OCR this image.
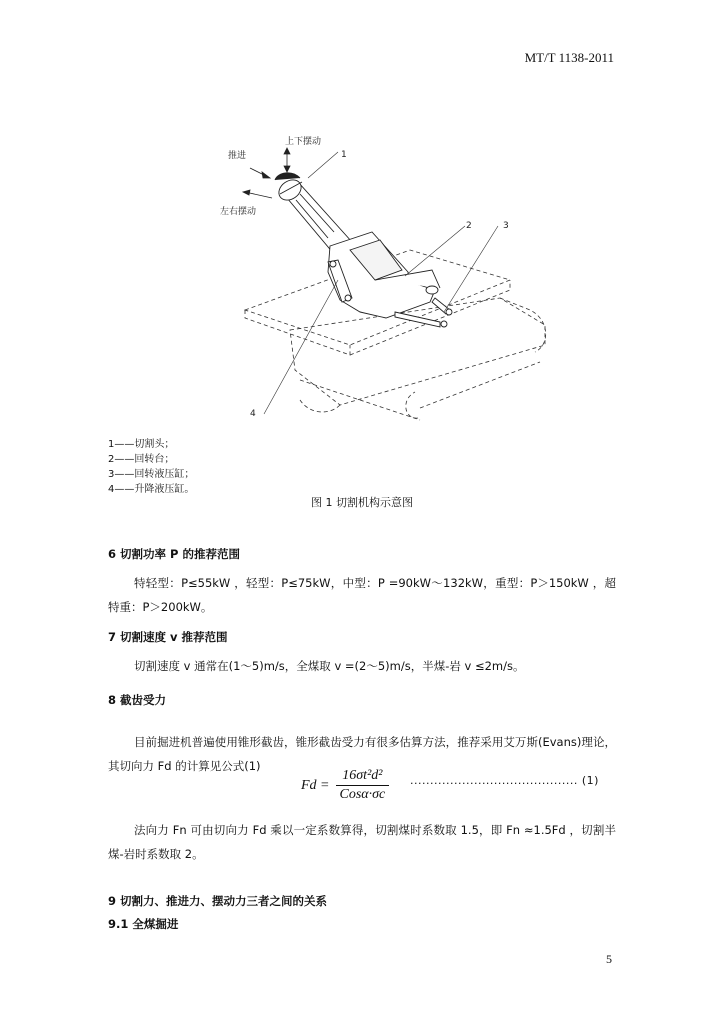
MT/T 1138-2011
上下摆动
推进
左右摆动
1
2	3
4
1——切割头；
2——回转台；
3——回转液压缸；
4——升降液压缸。
图 1 切割机构示意图
6 切割功率 P 的推荐范围
特轻型：P≤55kW ，轻型：P≤75kW，中型：P =90kW～132kW，重型：P＞150kW ，超特重：P＞200kW。
7 切割速度 v 推荐范围
切割速度 v 通常在(1～5)m/s，全煤取 v =(2～5)m/s，半煤-岩 v ≤2m/s。
8 截齿受力
目前掘进机普遍使用锥形截齿，锥形截齿受力有很多估算方法，推荐采用艾万斯(Evans)理论，其切向力 Fd 的计算见公式(1)
Fd =	16σt²d²
Cosα·σc
.......................................... (1)
法向力 Fn 可由切向力 Fd 乘以一定系数算得，切割煤时系数取 1.5，即 Fn ≈1.5Fd ，切割半煤-岩时系数取 2。
9 切割力、推进力、摆动力三者之间的关系
9.1 全煤掘进
5
